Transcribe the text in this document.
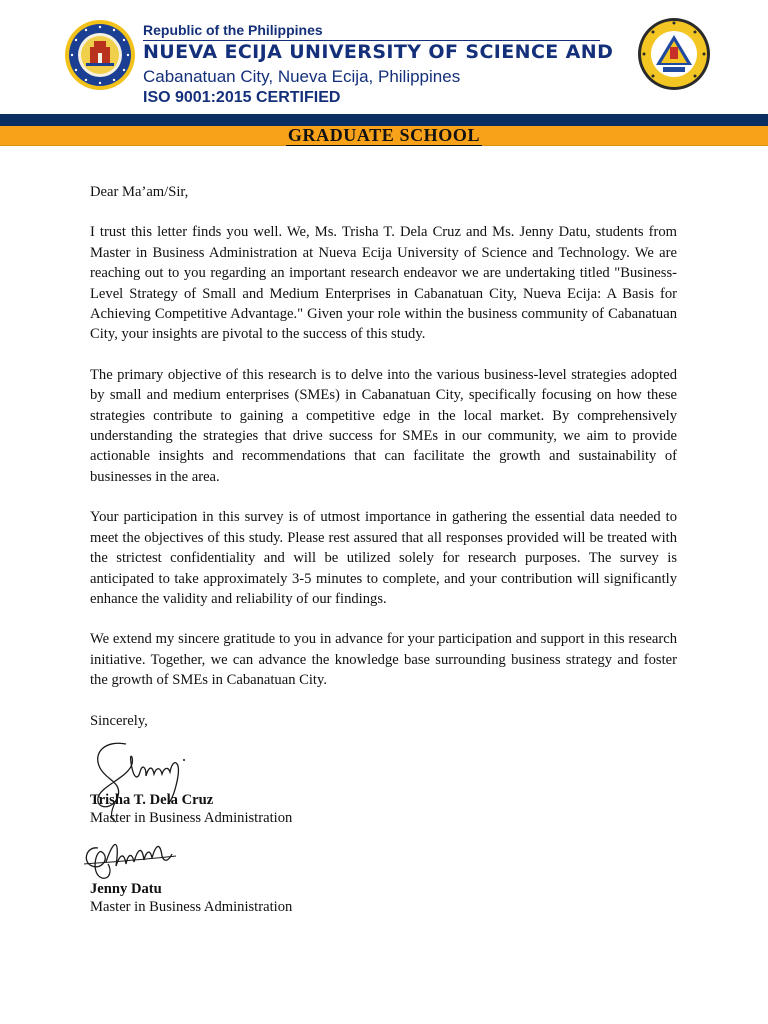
Republic of the Philippines
NUEVA ECIJA UNIVERSITY OF SCIENCE AND
Cabanatuan City, Nueva Ecija, Philippines
ISO 9001:2015 CERTIFIED
GRADUATE SCHOOL

Dear Ma’am/Sir,

I trust this letter finds you well. We, Ms. Trisha T. Dela Cruz and Ms. Jenny Datu, students from Master in Business Administration at Nueva Ecija University of Science and Technology. We are reaching out to you regarding an important research endeavor we are undertaking titled "Business-Level Strategy of Small and Medium Enterprises in Cabanatuan City, Nueva Ecija: A Basis for Achieving Competitive Advantage." Given your role within the business community of Cabanatuan City, your insights are pivotal to the success of this study.

The primary objective of this research is to delve into the various business-level strategies adopted by small and medium enterprises (SMEs) in Cabanatuan City, specifically focusing on how these strategies contribute to gaining a competitive edge in the local market. By comprehensively understanding the strategies that drive success for SMEs in our community, we aim to provide actionable insights and recommendations that can facilitate the growth and sustainability of businesses in the area.

Your participation in this survey is of utmost importance in gathering the essential data needed to meet the objectives of this study. Please rest assured that all responses provided will be treated with the strictest confidentiality and will be utilized solely for research purposes. The survey is anticipated to take approximately 3-5 minutes to complete, and your contribution will significantly enhance the validity and reliability of our findings.

We extend my sincere gratitude to you in advance for your participation and support in this research initiative. Together, we can advance the knowledge base surrounding business strategy and foster the growth of SMEs in Cabanatuan City.

Sincerely,

Trisha T. Dela Cruz
Master in Business Administration
Jenny Datu
Master in Business Administration
